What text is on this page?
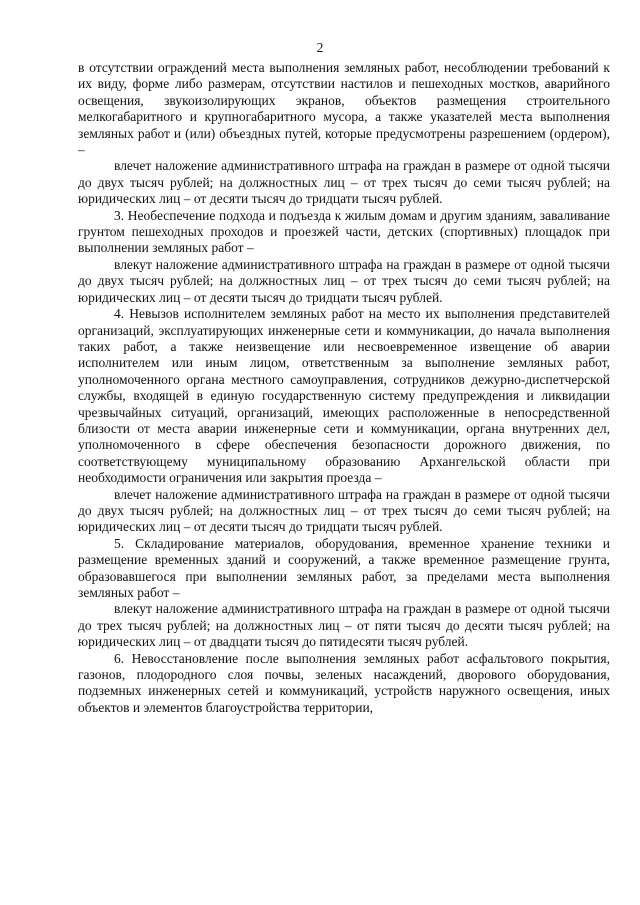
2

в отсутствии ограждений места выполнения земляных работ, несоблюдении требований к их виду, форме либо размерам, отсутствии настилов и пешеходных мостков, аварийного освещения, звукоизолирующих экранов, объектов размещения строительного мелкогабаритного и крупногабаритного мусора, а также указателей места выполнения земляных работ и (или) объездных путей, которые предусмотрены разрешением (ордером), –

влечет наложение административного штрафа на граждан в размере от одной тысячи до двух тысяч рублей; на должностных лиц – от трех тысяч до семи тысяч рублей; на юридических лиц – от десяти тысяч до тридцати тысяч рублей.

3. Необеспечение подхода и подъезда к жилым домам и другим зданиям, заваливание грунтом пешеходных проходов и проезжей части, детских (спортивных) площадок при выполнении земляных работ –

влекут наложение административного штрафа на граждан в размере от одной тысячи до двух тысяч рублей; на должностных лиц – от трех тысяч до семи тысяч рублей; на юридических лиц – от десяти тысяч до тридцати тысяч рублей.

4. Невызов исполнителем земляных работ на место их выполнения представителей организаций, эксплуатирующих инженерные сети и коммуникации, до начала выполнения таких работ, а также неизвещение или несвоевременное извещение об аварии исполнителем или иным лицом, ответственным за выполнение земляных работ, уполномоченного органа местного самоуправления, сотрудников дежурно-диспетчерской службы, входящей в единую государственную систему предупреждения и ликвидации чрезвычайных ситуаций, организаций, имеющих расположенные в непосредственной близости от места аварии инженерные сети и коммуникации, органа внутренних дел, уполномоченного в сфере обеспечения безопасности дорожного движения, по соответствующему муниципальному образованию Архангельской области при необходимости ограничения или закрытия проезда –

влечет наложение административного штрафа на граждан в размере от одной тысячи до двух тысяч рублей; на должностных лиц – от трех тысяч до семи тысяч рублей; на юридических лиц – от десяти тысяч до тридцати тысяч рублей.

5. Складирование материалов, оборудования, временное хранение техники и размещение временных зданий и сооружений, а также временное размещение грунта, образовавшегося при выполнении земляных работ, за пределами места выполнения земляных работ –

влекут наложение административного штрафа на граждан в размере от одной тысячи до трех тысяч рублей; на должностных лиц – от пяти тысяч до десяти тысяч рублей; на юридических лиц – от двадцати тысяч до пятидесяти тысяч рублей.

6. Невосстановление после выполнения земляных работ асфальтового покрытия, газонов, плодородного слоя почвы, зеленых насаждений, дворового оборудования, подземных инженерных сетей и коммуникаций, устройств наружного освещения, иных объектов и элементов благоустройства территории,
